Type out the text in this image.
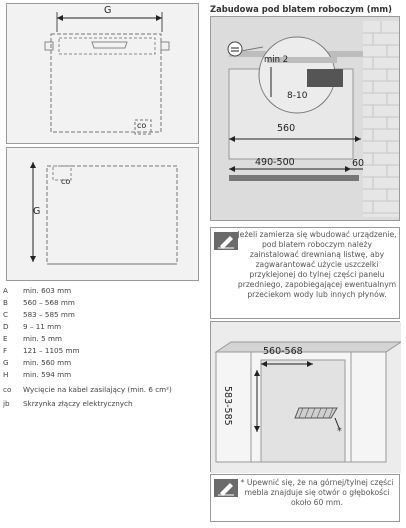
G
co
G
co
A	min. 603 mm
B	560 – 568 mm
C	583 – 585 mm
D	9 – 11 mm
E	min. 5 mm
F	121 – 1105 mm
G	min. 560 mm
H	min. 594 mm
co	Wycięcie na kabel zasilający (min. 6 cm²)
jb	Skrzynka złączy elektrycznych
Zabudowa pod blatem roboczym (mm)
min 2
8-10
560
490-500	60
Jeżeli zamierza się wbudować urządzenie, pod blatem roboczym należy zainstalować drewnianą listwę, aby zagwarantować użycie uszczelki przyklejonej do tylnej części panelu przedniego, zapobiegającej ewentualnym przeciekom wody lub innych płynów.
560-568
583-585
*
* Upewnić się, że na górnej/tylnej części mebla znajduje się otwór o głębokości około 60 mm.
